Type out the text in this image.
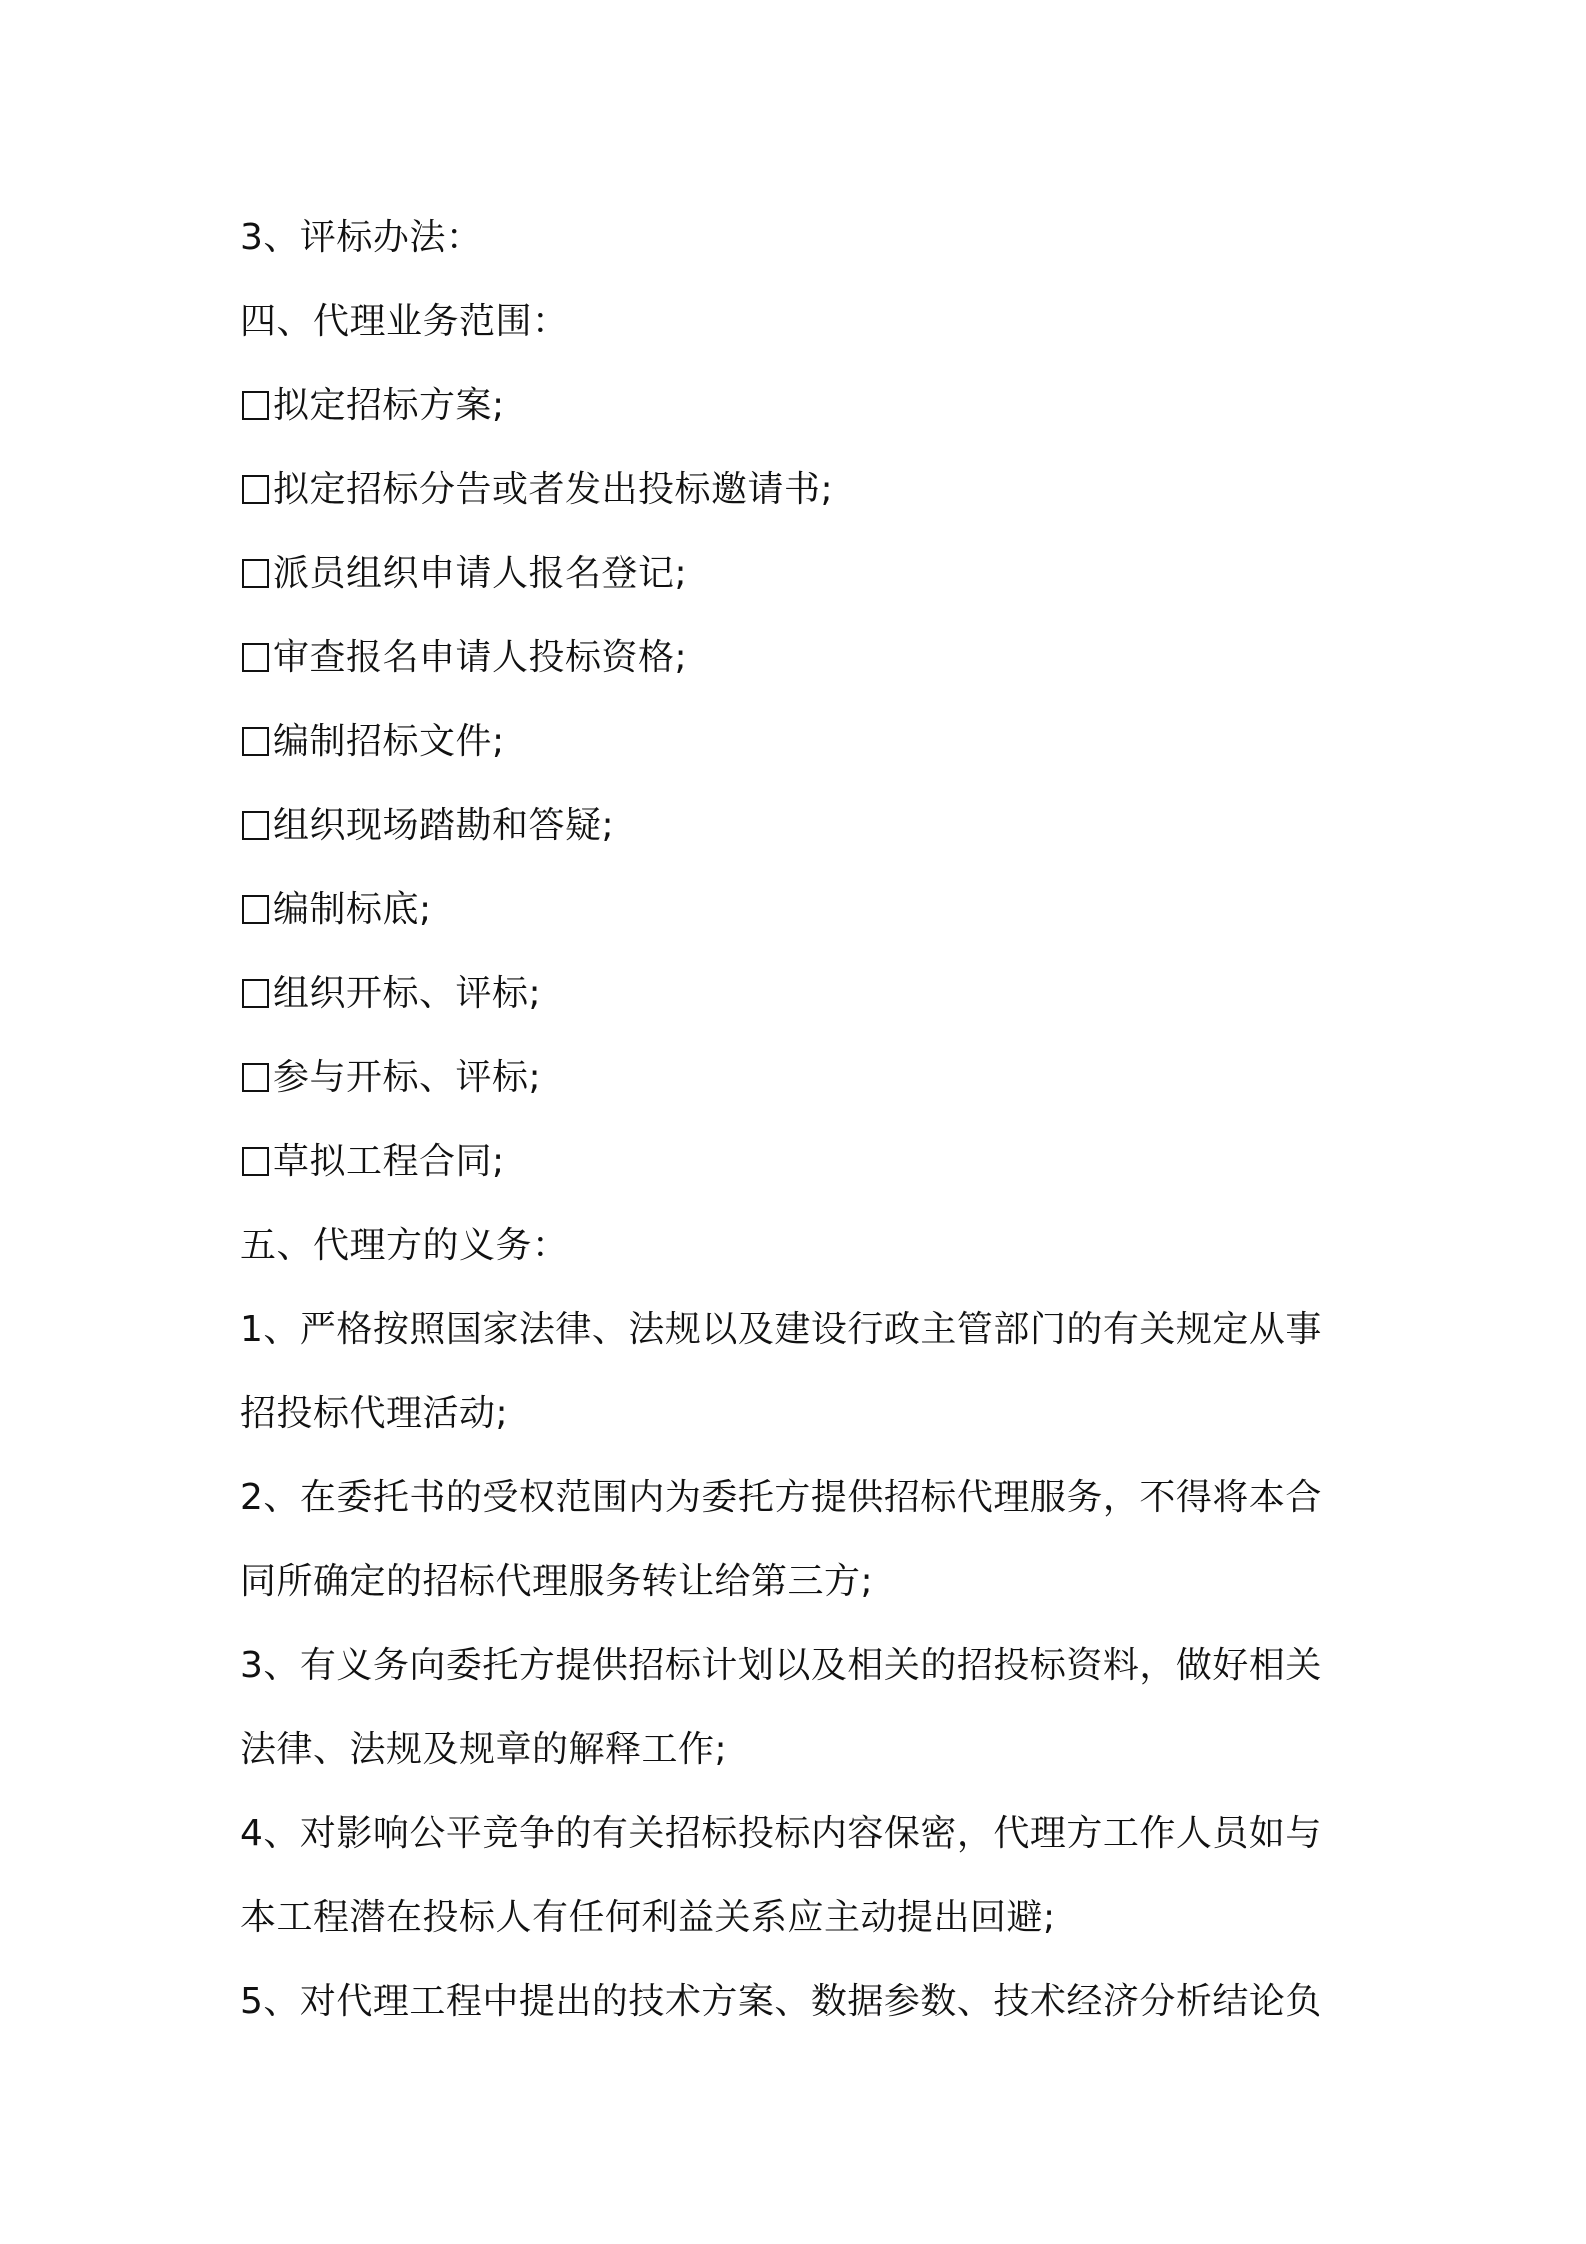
3、评标办法：
四、代理业务范围：
拟定招标方案;
拟定招标分告或者发出投标邀请书;
派员组织申请人报名登记;
审查报名申请人投标资格;
编制招标文件;
组织现场踏勘和答疑;
编制标底;
组织开标、评标;
参与开标、评标;
草拟工程合同;
五、代理方的义务：
1、严格按照国家法律、法规以及建设行政主管部门的有关规定从事
招投标代理活动;
2、在委托书的受权范围内为委托方提供招标代理服务，不得将本合
同所确定的招标代理服务转让给第三方;
3、有义务向委托方提供招标计划以及相关的招投标资料，做好相关
法律、法规及规章的解释工作;
4、对影响公平竞争的有关招标投标内容保密，代理方工作人员如与
本工程潜在投标人有任何利益关系应主动提出回避;
5、对代理工程中提出的技术方案、数据参数、技术经济分析结论负
